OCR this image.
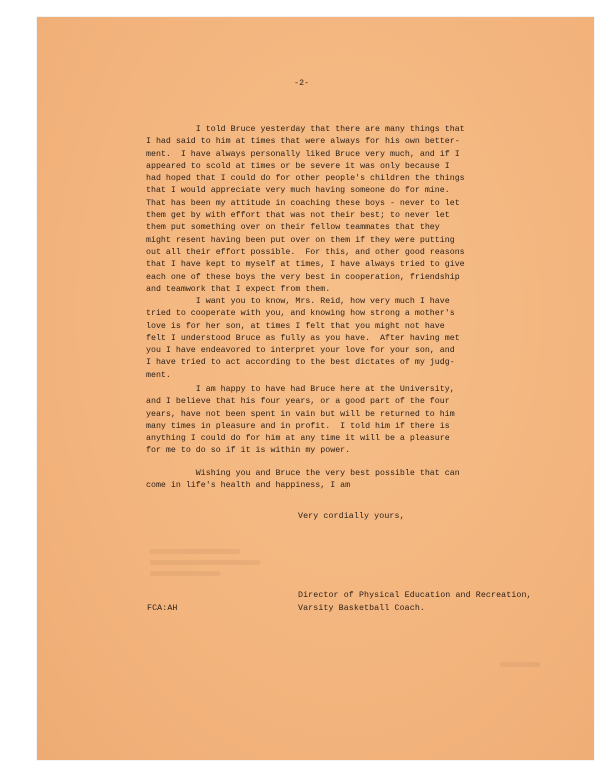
-2-
I told Bruce yesterday that there are many things that
I had said to him at times that were always for his own better-
ment.  I have always personally liked Bruce very much, and if I
appeared to scold at times or be severe it was only because I
had hoped that I could do for other people's children the things
that I would appreciate very much having someone do for mine.
That has been my attitude in coaching these boys - never to let
them get by with effort that was not their best; to never let
them put something over on their fellow teammates that they
might resent having been put over on them if they were putting
out all their effort possible.  For this, and other good reasons
that I have kept to myself at times, I have always tried to give
each one of these boys the very best in cooperation, friendship
and teamwork that I expect from them.
I want you to know, Mrs. Reid, how very much I have
tried to cooperate with you, and knowing how strong a mother's
love is for her son, at times I felt that you might not have
felt I understood Bruce as fully as you have.  After having met
you I have endeavored to interpret your love for your son, and
I have tried to act according to the best dictates of my judg-
ment.
I am happy to have had Bruce here at the University,
and I believe that his four years, or a good part of the four
years, have not been spent in vain but will be returned to him
many times in pleasure and in profit.  I told him if there is
anything I could do for him at any time it will be a pleasure
for me to do so if it is within my power.
Wishing you and Bruce the very best possible that can
come in life's health and happiness, I am
Very cordially yours,
Director of Physical Education and Recreation,
Varsity Basketball Coach.
FCA:AH
